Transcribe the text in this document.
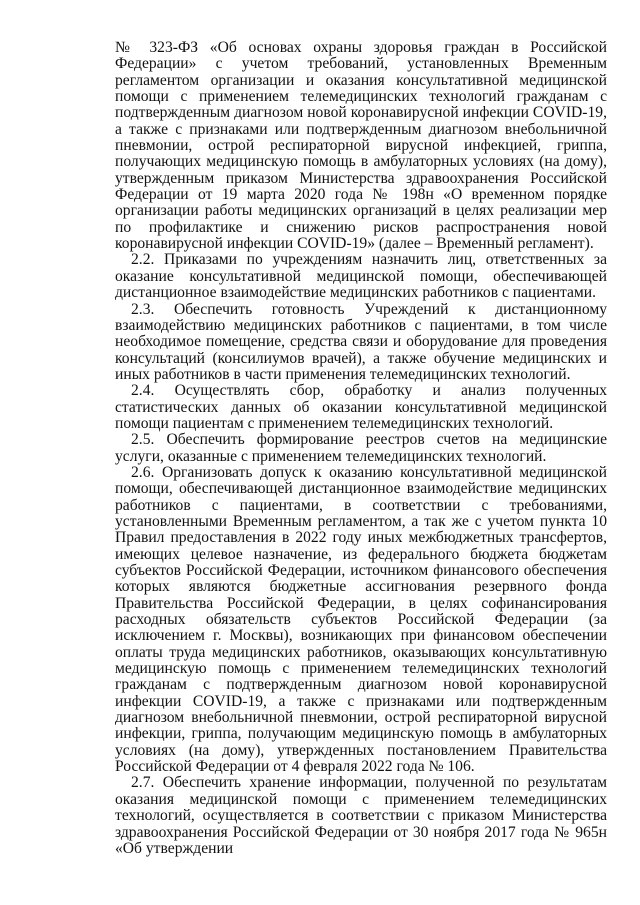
№ 323-ФЗ «Об основах охраны здоровья граждан в Российской Федерации» с учетом требований, установленных Временным регламентом организации и оказания консультативной медицинской помощи с применением телемедицинских технологий гражданам с подтвержденным диагнозом новой коронавирусной инфекции COVID-19, а также с признаками или подтвержденным диагнозом внебольничной пневмонии, острой респираторной вирусной инфекцией, гриппа, получающих медицинскую помощь в амбулаторных условиях (на дому), утвержденным приказом Министерства здравоохранения Российской Федерации от 19 марта 2020 года № 198н «О временном порядке организации работы медицинских организаций в целях реализации мер по профилактике и снижению рисков распространения новой коронавирусной инфекции COVID-19» (далее – Временный регламент).

2.2. Приказами по учреждениям назначить лиц, ответственных за оказание консультативной медицинской помощи, обеспечивающей дистанционное взаимодействие медицинских работников с пациентами.

2.3. Обеспечить готовность Учреждений к дистанционному взаимодействию медицинских работников с пациентами, в том числе необходимое помещение, средства связи и оборудование для проведения консультаций (консилиумов врачей), а также обучение медицинских и иных работников в части применения телемедицинских технологий.

2.4. Осуществлять сбор, обработку и анализ полученных статистических данных об оказании консультативной медицинской помощи пациентам с применением телемедицинских технологий.

2.5. Обеспечить формирование реестров счетов на медицинские услуги, оказанные с применением телемедицинских технологий.

2.6. Организовать допуск к оказанию консультативной медицинской помощи, обеспечивающей дистанционное взаимодействие медицинских работников с пациентами, в соответствии с требованиями, установленными Временным регламентом, а так же с учетом пункта 10 Правил предоставления в 2022 году иных межбюджетных трансфертов, имеющих целевое назначение, из федерального бюджета бюджетам субъектов Российской Федерации, источником финансового обеспечения которых являются бюджетные ассигнования резервного фонда Правительства Российской Федерации, в целях софинансирования расходных обязательств субъектов Российской Федерации (за исключением г. Москвы), возникающих при финансовом обеспечении оплаты труда медицинских работников, оказывающих консультативную медицинскую помощь с применением телемедицинских технологий гражданам с подтвержденным диагнозом новой коронавирусной инфекции COVID-19, а также с признаками или подтвержденным диагнозом внебольничной пневмонии, острой респираторной вирусной инфекции, гриппа, получающим медицинскую помощь в амбулаторных условиях (на дому), утвержденных постановлением Правительства Российской Федерации от 4 февраля 2022 года № 106.

2.7. Обеспечить хранение информации, полученной по результатам оказания медицинской помощи с применением телемедицинских технологий, осуществляется в соответствии с приказом Министерства здравоохранения Российской Федерации от 30 ноября 2017 года № 965н «Об утверждении
